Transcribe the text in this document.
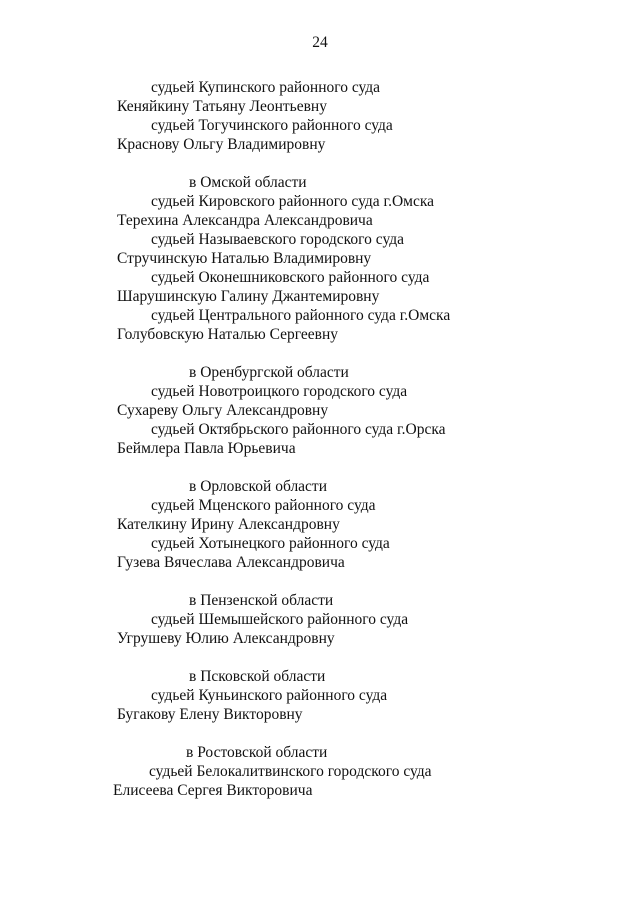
24
судьей Купинского районного суда
Кеняйкину Татьяну Леонтьевну
судьей Тогучинского районного суда
Краснову Ольгу Владимировну
в Омской области
судьей Кировского районного суда г.Омска
Терехина Александра Александровича
судьей Называевского городского суда
Стручинскую Наталью Владимировну
судьей Оконешниковского районного суда
Шарушинскую Галину Джантемировну
судьей Центрального районного суда г.Омска
Голубовскую Наталью Сергеевну
в Оренбургской области
судьей Новотроицкого городского суда
Сухареву Ольгу Александровну
судьей Октябрьского районного суда г.Орска
Беймлера Павла Юрьевича
в Орловской области
судьей Мценского районного суда
Кателкину Ирину Александровну
судьей Хотынецкого районного суда
Гузева Вячеслава Александровича
в Пензенской области
судьей Шемышейского районного суда
Угрушеву Юлию Александровну
в Псковской области
судьей Куньинского районного суда
Бугакову Елену Викторовну
в Ростовской области
судьей Белокалитвинского городского суда
Елисеева Сергея Викторовича
